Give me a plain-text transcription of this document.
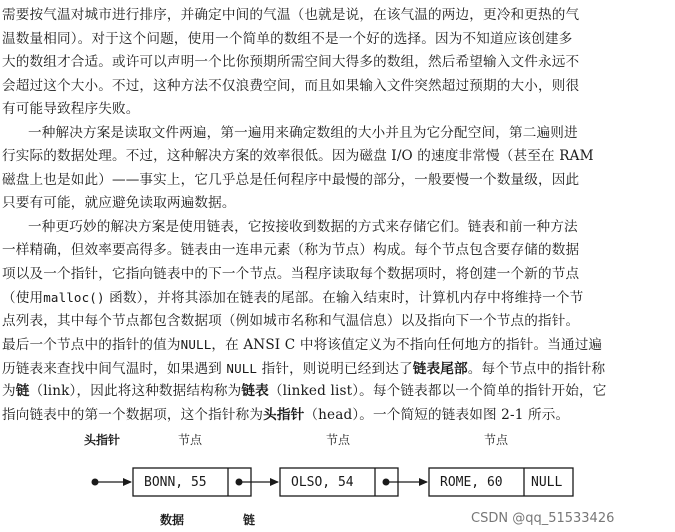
需要按气温对城市进行排序，并确定中间的气温（也就是说，在该气温的两边，更冷和更热的气
温数量相同）。对于这个问题，使用一个简单的数组不是一个好的选择。因为不知道应该创建多
大的数组才合适。或许可以声明一个比你预期所需空间大得多的数组，然后希望输入文件永远不
会超过这个大小。不过，这种方法不仅浪费空间，而且如果输入文件突然超过预期的大小，则很
有可能导致程序失败。
一种解决方案是读取文件两遍，第一遍用来确定数组的大小并且为它分配空间，第二遍则进
行实际的数据处理。不过，这种解决方案的效率很低。因为磁盘 I/O 的速度非常慢（甚至在 RAM
磁盘上也是如此）——事实上，它几乎总是任何程序中最慢的部分，一般要慢一个数量级，因此
只要有可能，就应避免读取两遍数据。
一种更巧妙的解决方案是使用链表，它按接收到数据的方式来存储它们。链表和前一种方法
一样精确，但效率要高得多。链表由一连串元素（称为节点）构成。每个节点包含要存储的数据
项以及一个指针，它指向链表中的下一个节点。当程序读取每个数据项时，将创建一个新的节点
（使用malloc() 函数），并将其添加在链表的尾部。在输入结束时，计算机内存中将维持一个节
点列表，其中每个节点都包含数据项（例如城市名称和气温信息）以及指向下一个节点的指针。
最后一个节点中的指针的值为NULL，在 ANSI C 中将该值定义为不指向任何地方的指针。当通过遍
历链表来查找中间气温时，如果遇到 NULL 指针，则说明已经到达了链表尾部。每个节点中的指针称
为链（link），因此将这种数据结构称为链表（linked list）。每个链表都以一个简单的指针开始，它
指向链表中的第一个数据项，这个指针称为头指针（head）。一个简短的链表如图 2-1 所示。
头指针	节点	节点	节点
BONN, 55	OLSO, 54	ROME, 60 NULL
数据	链	CSDN @qq_51533426
